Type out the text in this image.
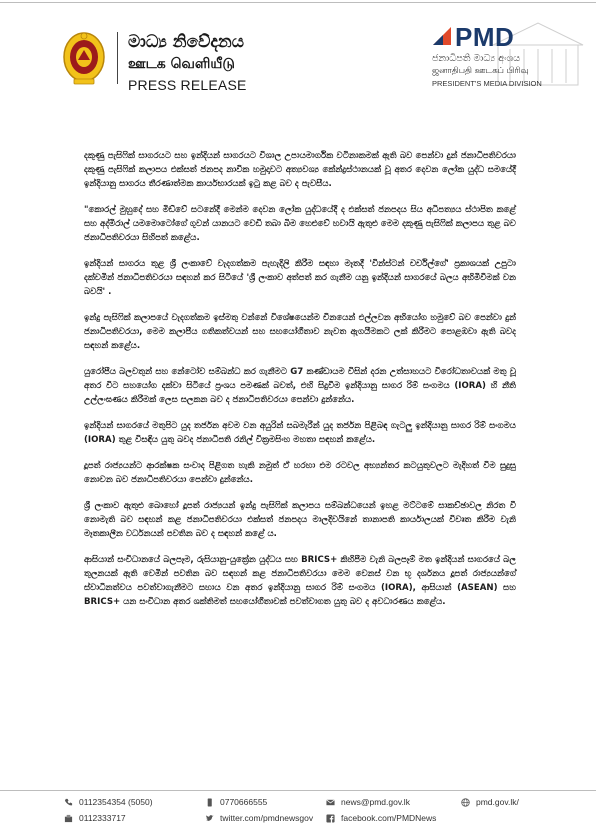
මාධ්‍ය නිවේදනය
ஊடக வெளியீடு
PRESS RELEASE
PMD
ජනාධිපති මාධ්‍ය අංශය
ஜனாதிபதி ஊடகப் பிரிவு
PRESIDENT'S MEDIA DIVISION

දකුණු පැසිෆික් සාගරයට සහ ඉන්දියන් සාගරයට විශාල උපායමාර්ගික වටිනාකමක් ඇති බව පෙන්වා දුන් ජනාධිපතිවරයා දකුණු පැසිෆික් කලාපය එක්සත් ජනපද නාවික හමුදාවට අත්‍යවශ්‍ය කේන්ද්‍රස්ථානයක් වූ අතර දෙවන ලෝක යුද්ධ සමයේදී ඉන්දියානු සාගරය තීරණාත්මක කාර්යභාරයක් ඉටු කළ බව ද පැවසීය.

"කොරල් මුහුදේ සහ මිඩ්වේ සටනේදී මෙන්ම දෙවන ලෝක යුද්ධයේදී ද එක්සත් ජනපදය සිය අධිපත්‍යය ස්ථාපිත කළේ සහ අද්මිරාල් යමමොටෝගේ ගුවන් යානයට වෙඩි තබා බිම හෙළුවේ හවායි ඇතුළු මෙම දකුණු පැසිෆික් කලාපය තුළ බව ජනාධිපතිවරයා සිහිපත් කළේය.

ඉන්දියන් සාගරය තුළ ශ්‍රී ලංකාවේ වැදගත්කම පැහැදිලි කිරීම සඳහා මෑතදී 'වින්ස්ටන් චර්චිල්ගේ' ප්‍රකාශයක් උපුටා දක්වමින් ජනාධිපතිවරයා සඳහන් කර සිටියේ 'ශ්‍රී ලංකාව අත්පත් කර ගැනීම යනු ඉන්දියන් සාගරයේ බලය අභිමිවීමක් වන බවයි' .

ඉන්දු පැසිෆික් කලාපයේ වැදගත්කම ඉස්මතු වන්නේ විශේෂයෙන්ම චීනයෙන් එල්ලවන අභියෝග හමුවේ බව පෙන්වා දුන් ජනාධිපතිවරයා, මෙම කලාපීය ගතිකත්වයන් සහ සහයෝගීතාව නැවත ඇගයීමකට ලක් කිරීමට පොළඹවා ඇති බවද සඳහන් කළේය.

යුරෝපීය බලවතුන් සහ නේටෝව සම්බන්ධ කර ගැනීමට G7 කණ්ඩායම විසින් දරන උත්සාහයට විරෝධතාවයක් මතු වූ අතර විට සහයෝග දක්වා සිටියේ ප්‍රංශය පමණක් බවත්, එහි සිදුවීම ඉන්දියානු සාගර රිම් සංගමය (IORA) හි නීති උල්ලංඝණය කිරීමක් ලෙස සලකන බව ද ජනාධිපතිවරයා පෙන්වා දුන්නේය.

ඉන්දියන් සාගරයේ මතුපිට යුද තර්ජන අවම වන අයුරින් සබමැරීන් යුද තර්ජන පිළිබඳ ගැටලු ඉන්දියානු සාගර රිම් සංගමය (IORA) තුළ විසඳිය යුතු බවද ජනාධිපති රනිල් වික්‍රමසිංහ මහතා සඳහන් කළේය.

දූපත් රාජ්‍යයන්ට ආරක්ෂක සංවාද පිළිගත හැකි නමුත් ඒ හරහා එම රටවල අභ්‍යන්තර කටයුතුවලට මැදිහත් වීම සුදුසු නොවන බව ජනාධිපතිවරයා පෙන්වා දුන්නේය.

ශ්‍රී ලංකාව ඇතුළු බොහෝ දූපත් රාජ්‍යයන් ඉන්දු පැසිෆික් කලාපය සම්බන්ධයෙන් ඉහළ මට්ටමේ සාකච්ඡාවල නිරත වී නොමැති බව සඳහන් කළ ජනාධිපතිවරයා එක්සත් ජනපදය මාලදිවයිනේ තානාපති කාර්යාලයක් විවෘත කිරීම වැනි මෑතකාලීන වර්ධනයන් පවතින බව ද සඳහන් කළේ ය.

ආසියාන් සංවිධානයේ බලපෑම, රුසියානු-යුක්‍රේන යුද්ධය සහ BRICS+ කිහිපීම වැනි බලපෑම් මත ඉන්දියන් සාගරයේ බල තුලනයක් ඇති වෙමින් පවතින බව සඳහන් කළ ජනාධිපතිවරයා මෙම වෙනස් වන භූ දර්ශනය දූපත් රාජ්‍යයන්ගේ ස්වාධීනත්වය පවත්වාගැනීමට සහාය වන අතර ඉන්දියානු සාගර රිම් සංගමය (IORA), ආසියාන් (ASEAN) සහ BRICS+ යන සංවිධාන අතර ශක්තිමත් සහයෝගීතාවක් පවත්වාගත යුතු බව ද අවධාරණය කළේය.

0112354354 (5050)
0112333717
0770666555
twitter.com/pmdnewsgov
news@pmd.gov.lk
facebook.com/PMDNews
pmd.gov.lk/
